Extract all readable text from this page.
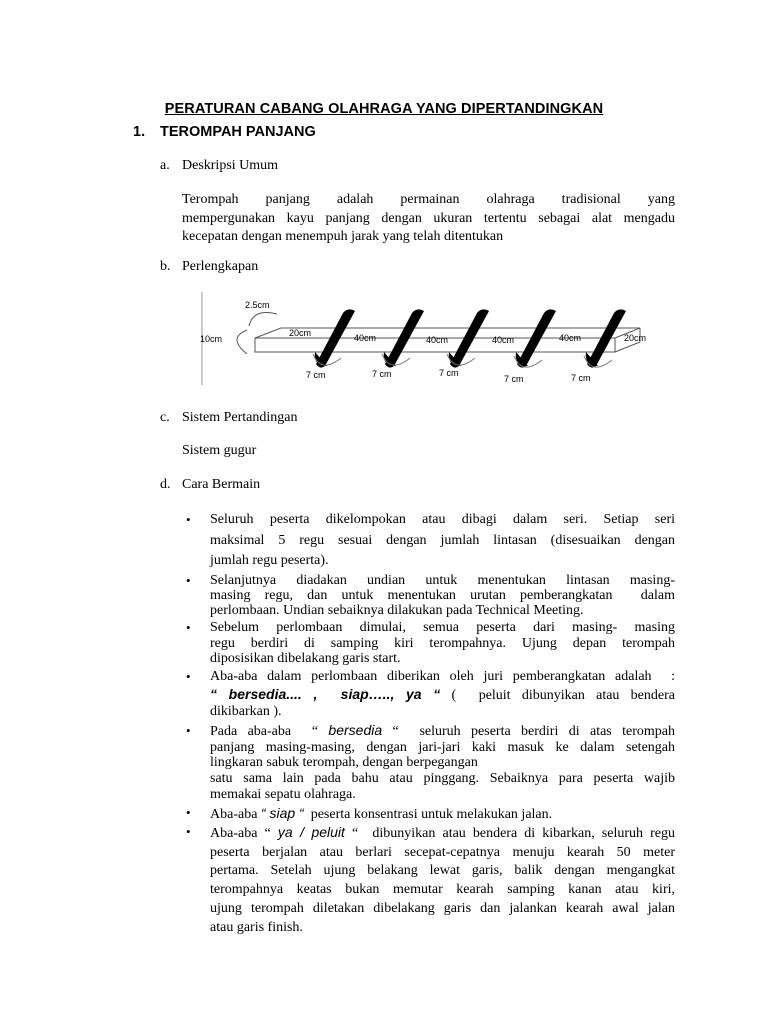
PERATURAN CABANG OLAHRAGA YANG DIPERTANDINGKAN
1. TEROMPAH PANJANG
a. Deskripsi Umum
Terompah     panjang     adalah     permainan     olahraga     tradisional     yang
mempergunakan kayu panjang dengan ukuran tertentu sebagai alat mengadu
kecepatan dengan menempuh jarak yang telah ditentukan
b. Perlengkapan
2.5cm
10cm
20cm	20cm
40cm	40cm	40cm	40cm
7 cm	7 cm	7 cm
7 cm	7 cm
c. Sistem Pertandingan
Sistem gugur
d. Cara Bermain
• Seluruh    peserta    dikelompokan    atau    dibagi    dalam    seri.    Setiap    seri
maksimal  5  regu  sesuai  dengan  jumlah  lintasan  (disesuaikan  dengan
jumlah regu peserta).
• Selanjutnya diadakan undian untuk menentukan lintasan masing-
masing regu, dan untuk menentukan urutan pemberangkatan  dalam
perlombaan. Undian sebaiknya dilakukan pada Technical Meeting.
• Sebelum perlombaan dimulai, semua peserta dari masing- masing
regu berdiri di samping kiri terompahnya. Ujung depan terompah
diposisikan dibelakang garis start.
• Aba-aba dalam perlombaan diberikan oleh juri pemberangkatan adalah  :
“ bersedia.... ,  siap….., ya “ (  peluit dibunyikan atau bendera
dikibarkan ).
• Pada aba-aba  “ bersedia “  seluruh peserta berdiri di atas terompah
panjang masing-masing, dengan jari-jari kaki masuk ke dalam setengah
lingkaran sabuk terompah, dengan berpegangan
satu sama lain pada bahu atau pinggang. Sebaiknya para peserta wajib
memakai sepatu olahraga.
• Aba-aba “ siap “  peserta konsentrasi untuk melakukan jalan.
• Aba-aba “ ya / peluit “  dibunyikan atau bendera di kibarkan, seluruh regu
peserta berjalan atau berlari secepat-cepatnya menuju kearah 50 meter
pertama. Setelah ujung belakang lewat garis, balik dengan mengangkat
terompahnya keatas bukan memutar kearah samping kanan atau kiri,
ujung terompah diletakan dibelakang garis dan jalankan kearah awal jalan
atau garis finish.
